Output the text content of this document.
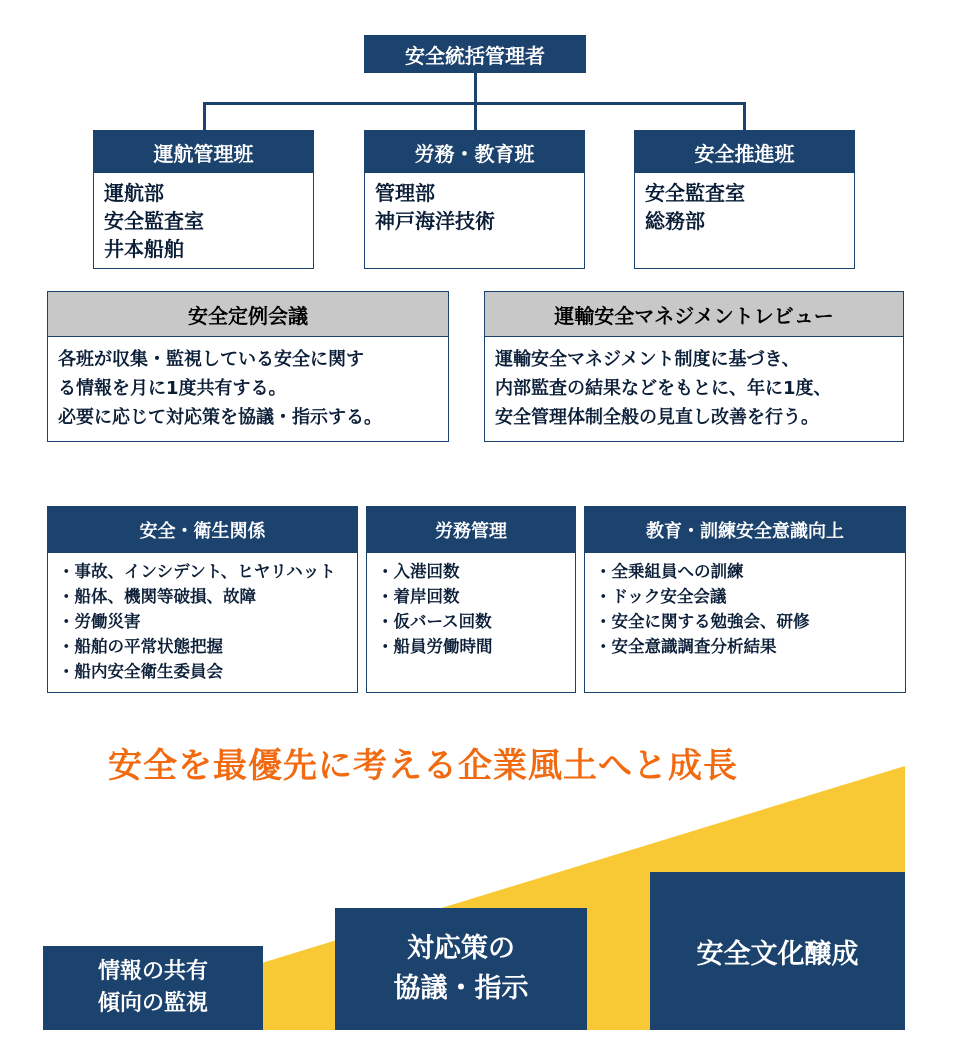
安全統括管理者
運航管理班
運航部
安全監査室
井本船舶
労務・教育班
管理部
神戸海洋技術
安全推進班
安全監査室
総務部
安全定例会議
各班が収集・監視している安全に関す
る情報を月に1度共有する。
必要に応じて対応策を協議・指示する。
運輸安全マネジメントレビュー
運輸安全マネジメント制度に基づき、
内部監査の結果などをもとに、年に1度、
安全管理体制全般の見直し改善を行う。
安全・衛生関係
・事故、インシデント、ヒヤリハット
・船体、機関等破損、故障
・労働災害
・船舶の平常状態把握
・船内安全衛生委員会
労務管理
・入港回数
・着岸回数
・仮バース回数
・船員労働時間
教育・訓練安全意識向上
・全乗組員への訓練
・ドック安全会議
・安全に関する勉強会、研修
・安全意識調査分析結果
安全を最優先に考える企業風土へと成長
情報の共有
傾向の監視
対応策の
協議・指示
安全文化醸成
